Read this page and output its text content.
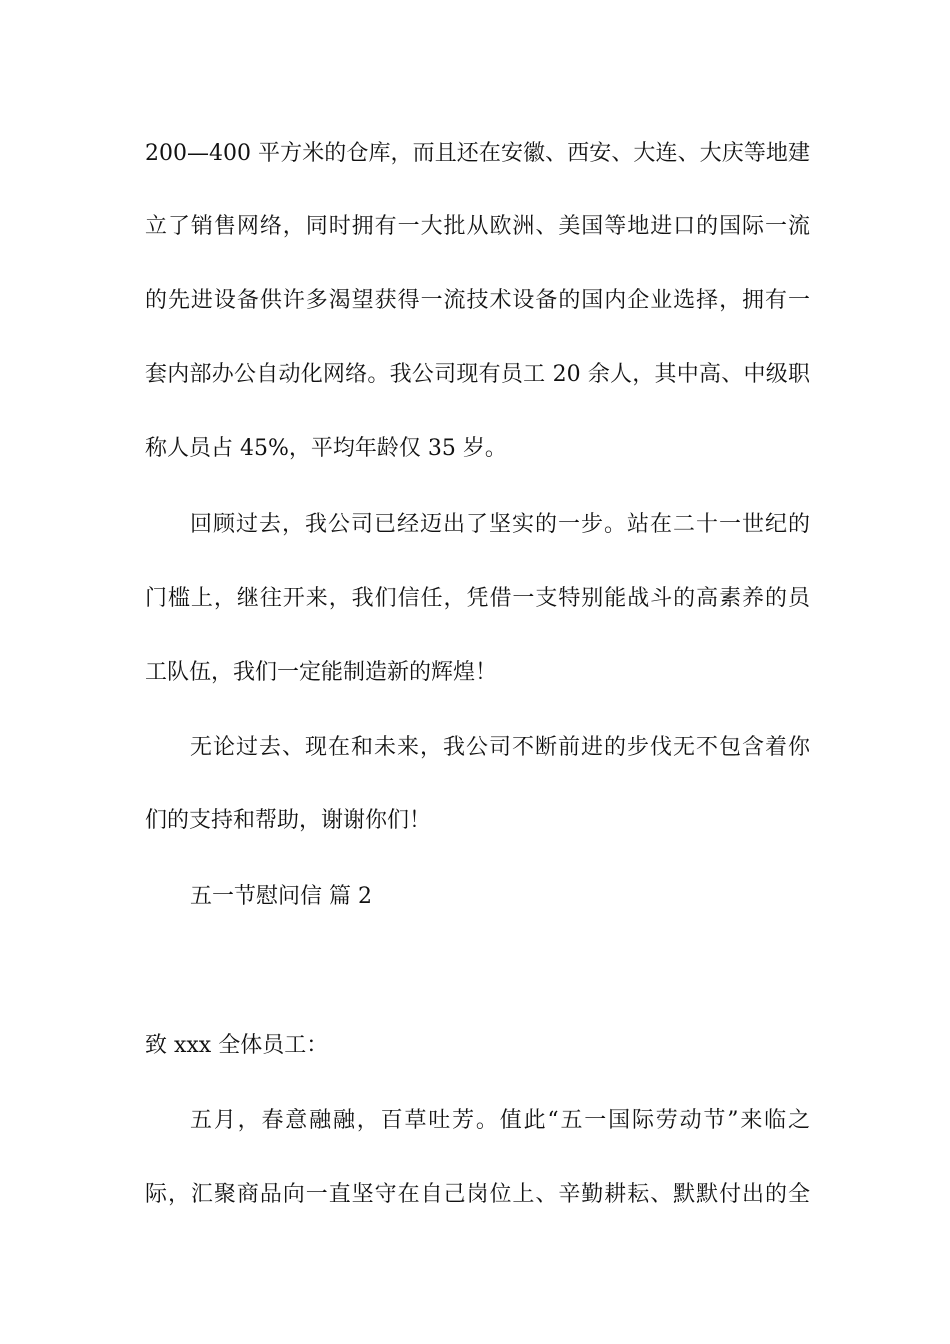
200—400 平方米的仓库，而且还在安徽、西安、大连、大庆等地建
立了销售网络，同时拥有一大批从欧洲、美国等地进口的国际一流
的先进设备供许多渴望获得一流技术设备的国内企业选择，拥有一
套内部办公自动化网络。我公司现有员工 20 余人，其中高、中级职
称人员占 45%，平均年龄仅 35 岁。
回顾过去，我公司已经迈出了坚实的一步。站在二十一世纪的
门槛上，继往开来，我们信任，凭借一支特别能战斗的高素养的员
工队伍，我们一定能制造新的辉煌！
无论过去、现在和未来，我公司不断前进的步伐无不包含着你
们的支持和帮助，谢谢你们！
五一节慰问信 篇 2
致 xxx 全体员工：
五月，春意融融，百草吐芳。值此“五一国际劳动节”来临之
际，汇聚商品向一直坚守在自己岗位上、辛勤耕耘、默默付出的全
